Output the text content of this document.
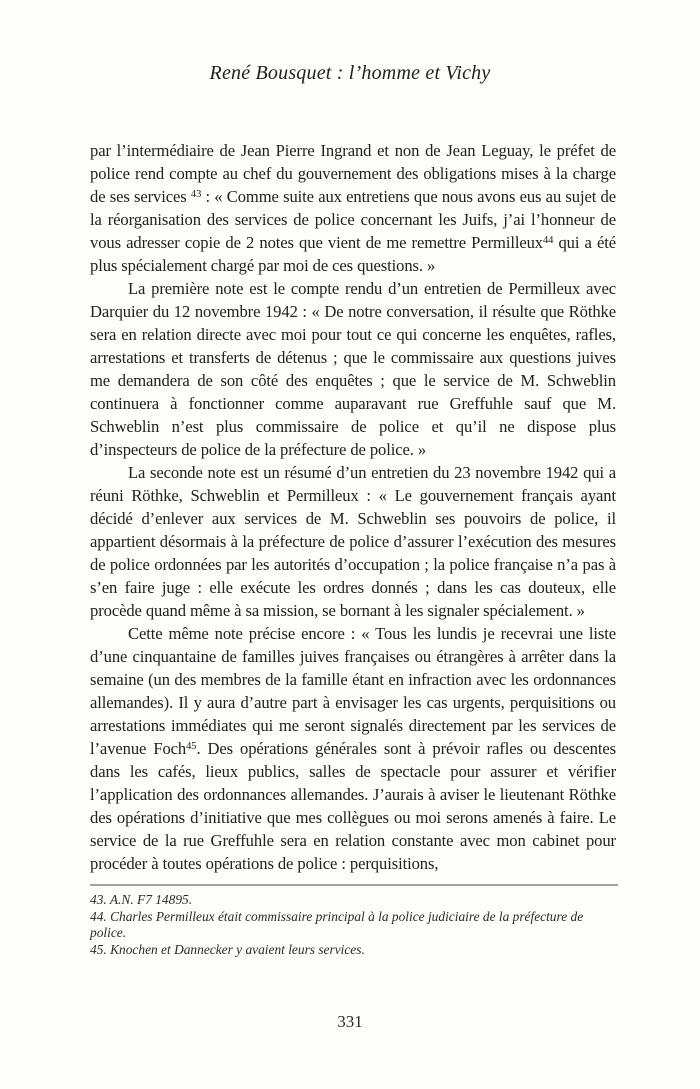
René Bousquet : l’homme et Vichy

par l’intermédiaire de Jean Pierre Ingrand et non de Jean Leguay, le préfet de police rend compte au chef du gouvernement des obligations mises à la charge de ses services $^{43}$ : « Comme suite aux entretiens que nous avons eus au sujet de la réorganisation des services de police concernant les Juifs, j’ai l’honneur de vous adresser copie de 2 notes que vient de me remettre Permilleux$^{44}$ qui a été plus spécialement chargé par moi de ces questions. »

La première note est le compte rendu d’un entretien de Permilleux avec Darquier du 12 novembre 1942 : « De notre conversation, il résulte que Röthke sera en relation directe avec moi pour tout ce qui concerne les enquêtes, rafles, arrestations et transferts de détenus ; que le commissaire aux questions juives me demandera de son côté des enquêtes ; que le service de M. Schweblin continuera à fonctionner comme auparavant rue Greffuhle sauf que M. Schweblin n’est plus commissaire de police et qu’il ne dispose plus d’inspecteurs de police de la préfecture de police. »

La seconde note est un résumé d’un entretien du 23 novembre 1942 qui a réuni Röthke, Schweblin et Permilleux : « Le gouvernement français ayant décidé d’enlever aux services de M. Schweblin ses pouvoirs de police, il appartient désormais à la préfecture de police d’assurer l’exécution des mesures de police ordonnées par les autorités d’occupation ; la police française n’a pas à s’en faire juge : elle exécute les ordres donnés ; dans les cas douteux, elle procède quand même à sa mission, se bornant à les signaler spécialement. »

Cette même note précise encore : « Tous les lundis je recevrai une liste d’une cinquantaine de familles juives françaises ou étrangères à arrêter dans la semaine (un des membres de la famille étant en infraction avec les ordonnances allemandes). Il y aura d’autre part à envisager les cas urgents, perquisitions ou arrestations immédiates qui me seront signalés directement par les services de l’avenue Foch$^{45}$. Des opérations générales sont à prévoir rafles ou descentes dans les cafés, lieux publics, salles de spectacle pour assurer et vérifier l’application des ordonnances allemandes. J’aurais à aviser le lieutenant Röthke des opérations d’initiative que mes collègues ou moi serons amenés à faire. Le service de la rue Greffuhle sera en relation constante avec mon cabinet pour procéder à toutes opérations de police : perquisitions,

43. A.N. F7 14895.

44. Charles Permilleux était commissaire principal à la police judiciaire de la préfecture de police.

45. Knochen et Dannecker y avaient leurs services.

331
